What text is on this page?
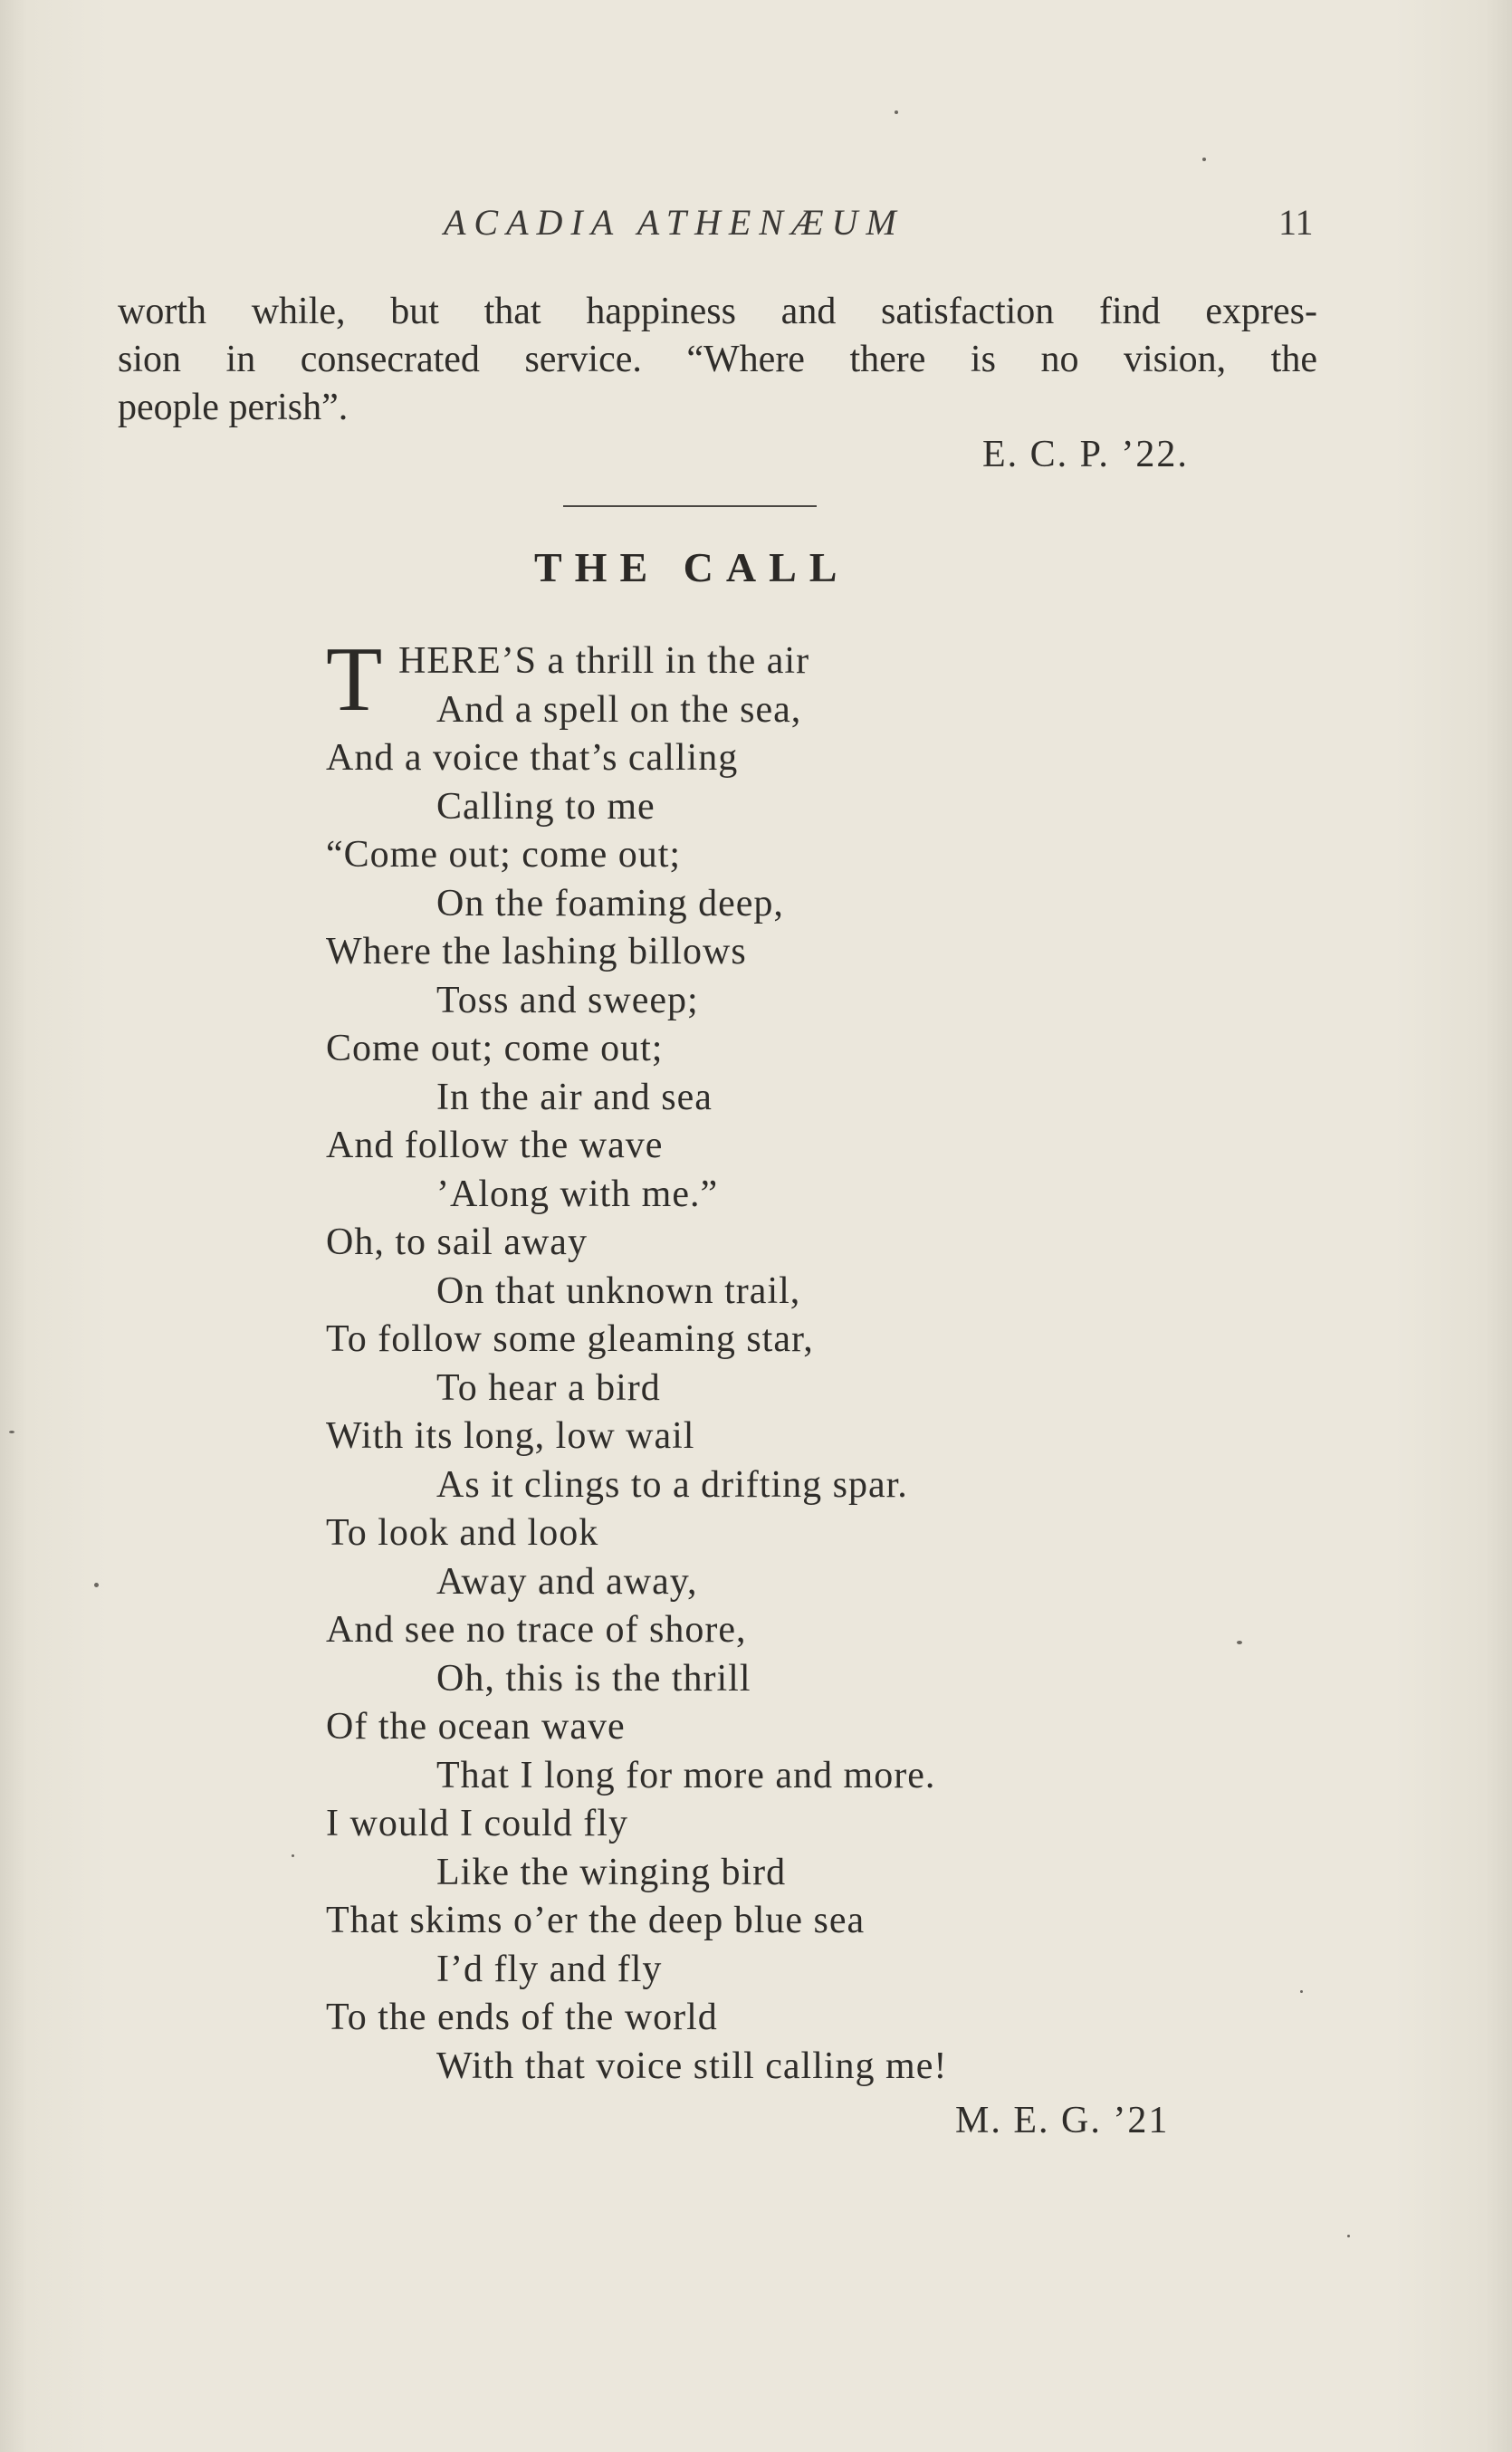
ACADIA ATHENÆUM	11
worth while, but that happiness and satisfaction find expres-
sion in consecrated service. “Where there is no vision, the
people perish”.
E. C. P. ’22.
THE CALL
T HERE’S a thrill in the air
And a spell on the sea,
And a voice that’s calling
Calling to me
“Come out; come out;
On the foaming deep,
Where the lashing billows
Toss and sweep;
Come out; come out;
In the air and sea
And follow the wave
’Along with me.”
Oh, to sail away
On that unknown trail,
To follow some gleaming star,
To hear a bird
With its long, low wail
As it clings to a drifting spar.
To look and look
Away and away,
And see no trace of shore,
Oh, this is the thrill
Of the ocean wave
That I long for more and more.
I would I could fly
Like the winging bird
That skims o’er the deep blue sea
I’d fly and fly
To the ends of the world
With that voice still calling me!
M. E. G. ’21
